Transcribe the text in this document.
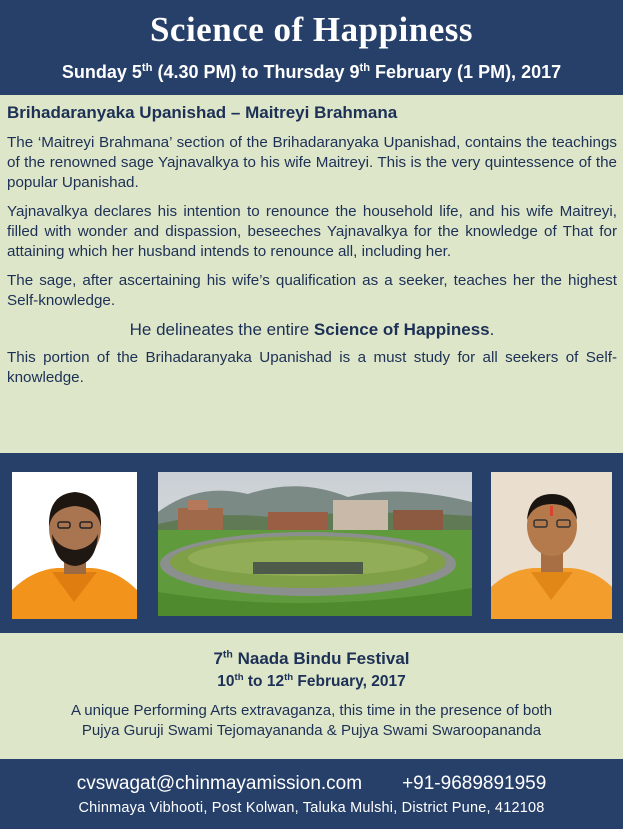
Science of Happiness
Sunday 5th (4.30 PM) to Thursday 9th February (1 PM), 2017
Brihadaranyaka Upanishad – Maitreyi Brahmana

The ‘Maitreyi Brahmana’ section of the Brihadaranyaka Upanishad, contains the teachings of the renowned sage Yajnavalkya to his wife Maitreyi. This is the very quintessence of the popular Upanishad.

Yajnavalkya declares his intention to renounce the household life, and his wife Maitreyi, filled with wonder and dispassion, beseeches Yajnavalkya for the knowledge of That for attaining which her husband intends to renounce all, including her.

The sage, after ascertaining his wife’s qualification as a seeker, teaches her the highest Self-knowledge.

He delineates the entire Science of Happiness.

This portion of the Brihadaranyaka Upanishad is a must study for all seekers of Self-knowledge.

7th Naada Bindu Festival
10th to 12th February, 2017
A unique Performing Arts extravaganza, this time in the presence of both
Pujya Guruji Swami Tejomayananda & Pujya Swami Swaroopananda
cvswagat@chinmayamission.com +91-9689891959
Chinmaya Vibhooti, Post Kolwan, Taluka Mulshi, District Pune, 412108
